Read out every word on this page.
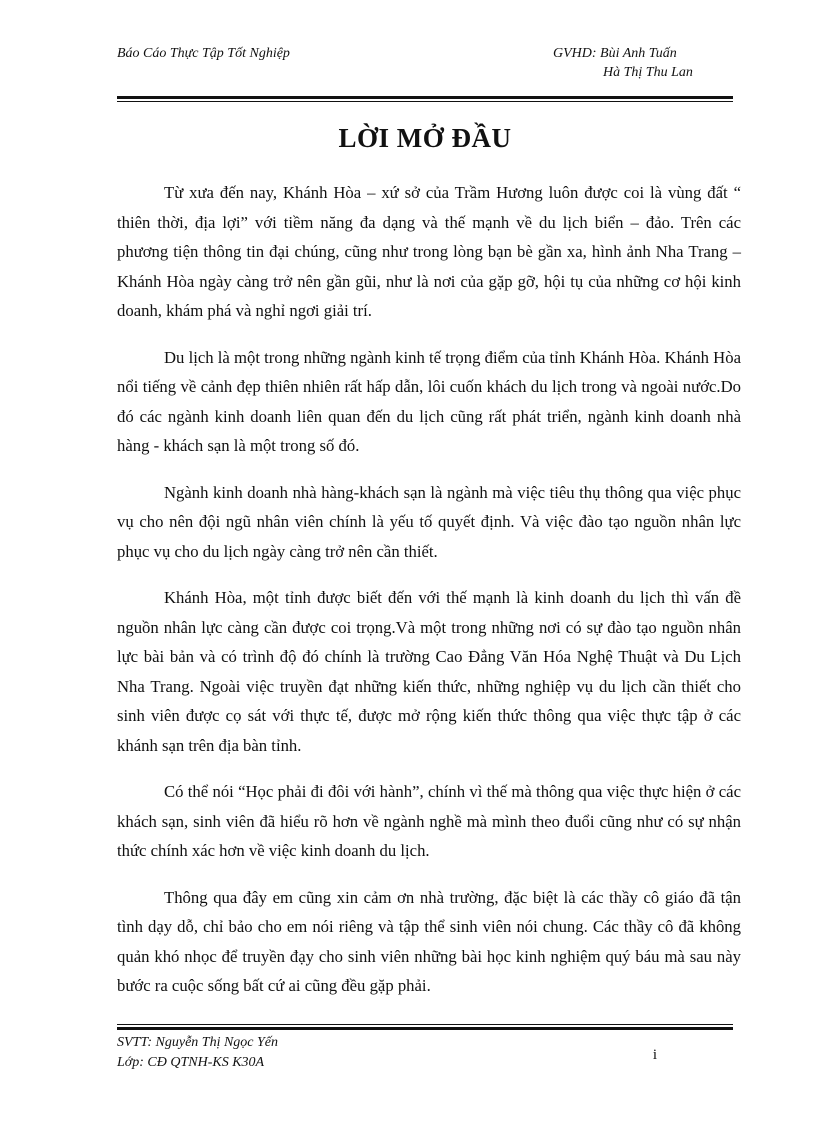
Báo Cáo Thực Tập Tốt Nghiệp	GVHD: Bùi Anh Tuấn
Hà Thị Thu Lan
LỜI MỞ ĐẦU

Từ xưa đến nay, Khánh Hòa – xứ sở của Trầm Hương luôn được coi là vùng đất “ thiên thời, địa lợi” với tiềm năng đa dạng và thế mạnh về du lịch biển – đảo. Trên các phương tiện thông tin đại chúng, cũng như trong lòng bạn bè gần xa, hình ảnh Nha Trang – Khánh Hòa ngày càng trở nên gần gũi, như là nơi của gặp gỡ, hội tụ của những cơ hội kinh doanh, khám phá và nghỉ ngơi giải trí.

Du lịch là một trong những ngành kinh tế trọng điểm của tỉnh Khánh Hòa. Khánh Hòa nổi tiếng về cảnh đẹp thiên nhiên rất hấp dẫn, lôi cuốn khách du lịch trong và ngoài nước.Do đó các ngành kinh doanh liên quan đến du lịch cũng rất phát triển, ngành kinh doanh nhà hàng - khách sạn là một trong số đó.

Ngành kinh doanh nhà hàng-khách sạn là ngành mà việc tiêu thụ thông qua việc phục vụ cho nên đội ngũ nhân viên chính là yếu tố quyết định. Và việc đào tạo nguồn nhân lực phục vụ cho du lịch ngày càng trở nên cần thiết.

Khánh Hòa, một tỉnh được biết đến với thế mạnh là kinh doanh du lịch thì vấn đề nguồn nhân lực càng cần được coi trọng.Và một trong những nơi có sự đào tạo nguồn nhân lực bài bản và có trình độ đó chính là trường Cao Đẳng Văn Hóa Nghệ Thuật và Du Lịch Nha Trang. Ngoài việc truyền đạt những kiến thức, những nghiệp vụ du lịch cần thiết cho sinh viên được cọ sát với thực tế, được mở rộng kiến thức thông qua việc thực tập ở các khánh sạn trên địa bàn tỉnh.

Có thể nói “Học phải đi đôi với hành”, chính vì thế mà thông qua việc thực hiện ở các khách sạn, sinh viên đã hiểu rõ hơn về ngành nghề mà mình theo đuổi cũng như có sự nhận thức chính xác hơn về việc kinh doanh du lịch.

Thông qua đây em cũng xin cảm ơn nhà trường, đặc biệt là các thầy cô giáo đã tận tình dạy dỗ, chỉ bảo cho em nói riêng và tập thể sinh viên nói chung. Các thầy cô đã không quản khó nhọc để truyền đạy cho sinh viên những bài học kinh nghiệm quý báu mà sau này bước ra cuộc sống bất cứ ai cũng đều gặp phải.

SVTT: Nguyễn Thị Ngọc Yến
Lớp: CĐ QTNH-KS K30A	i
